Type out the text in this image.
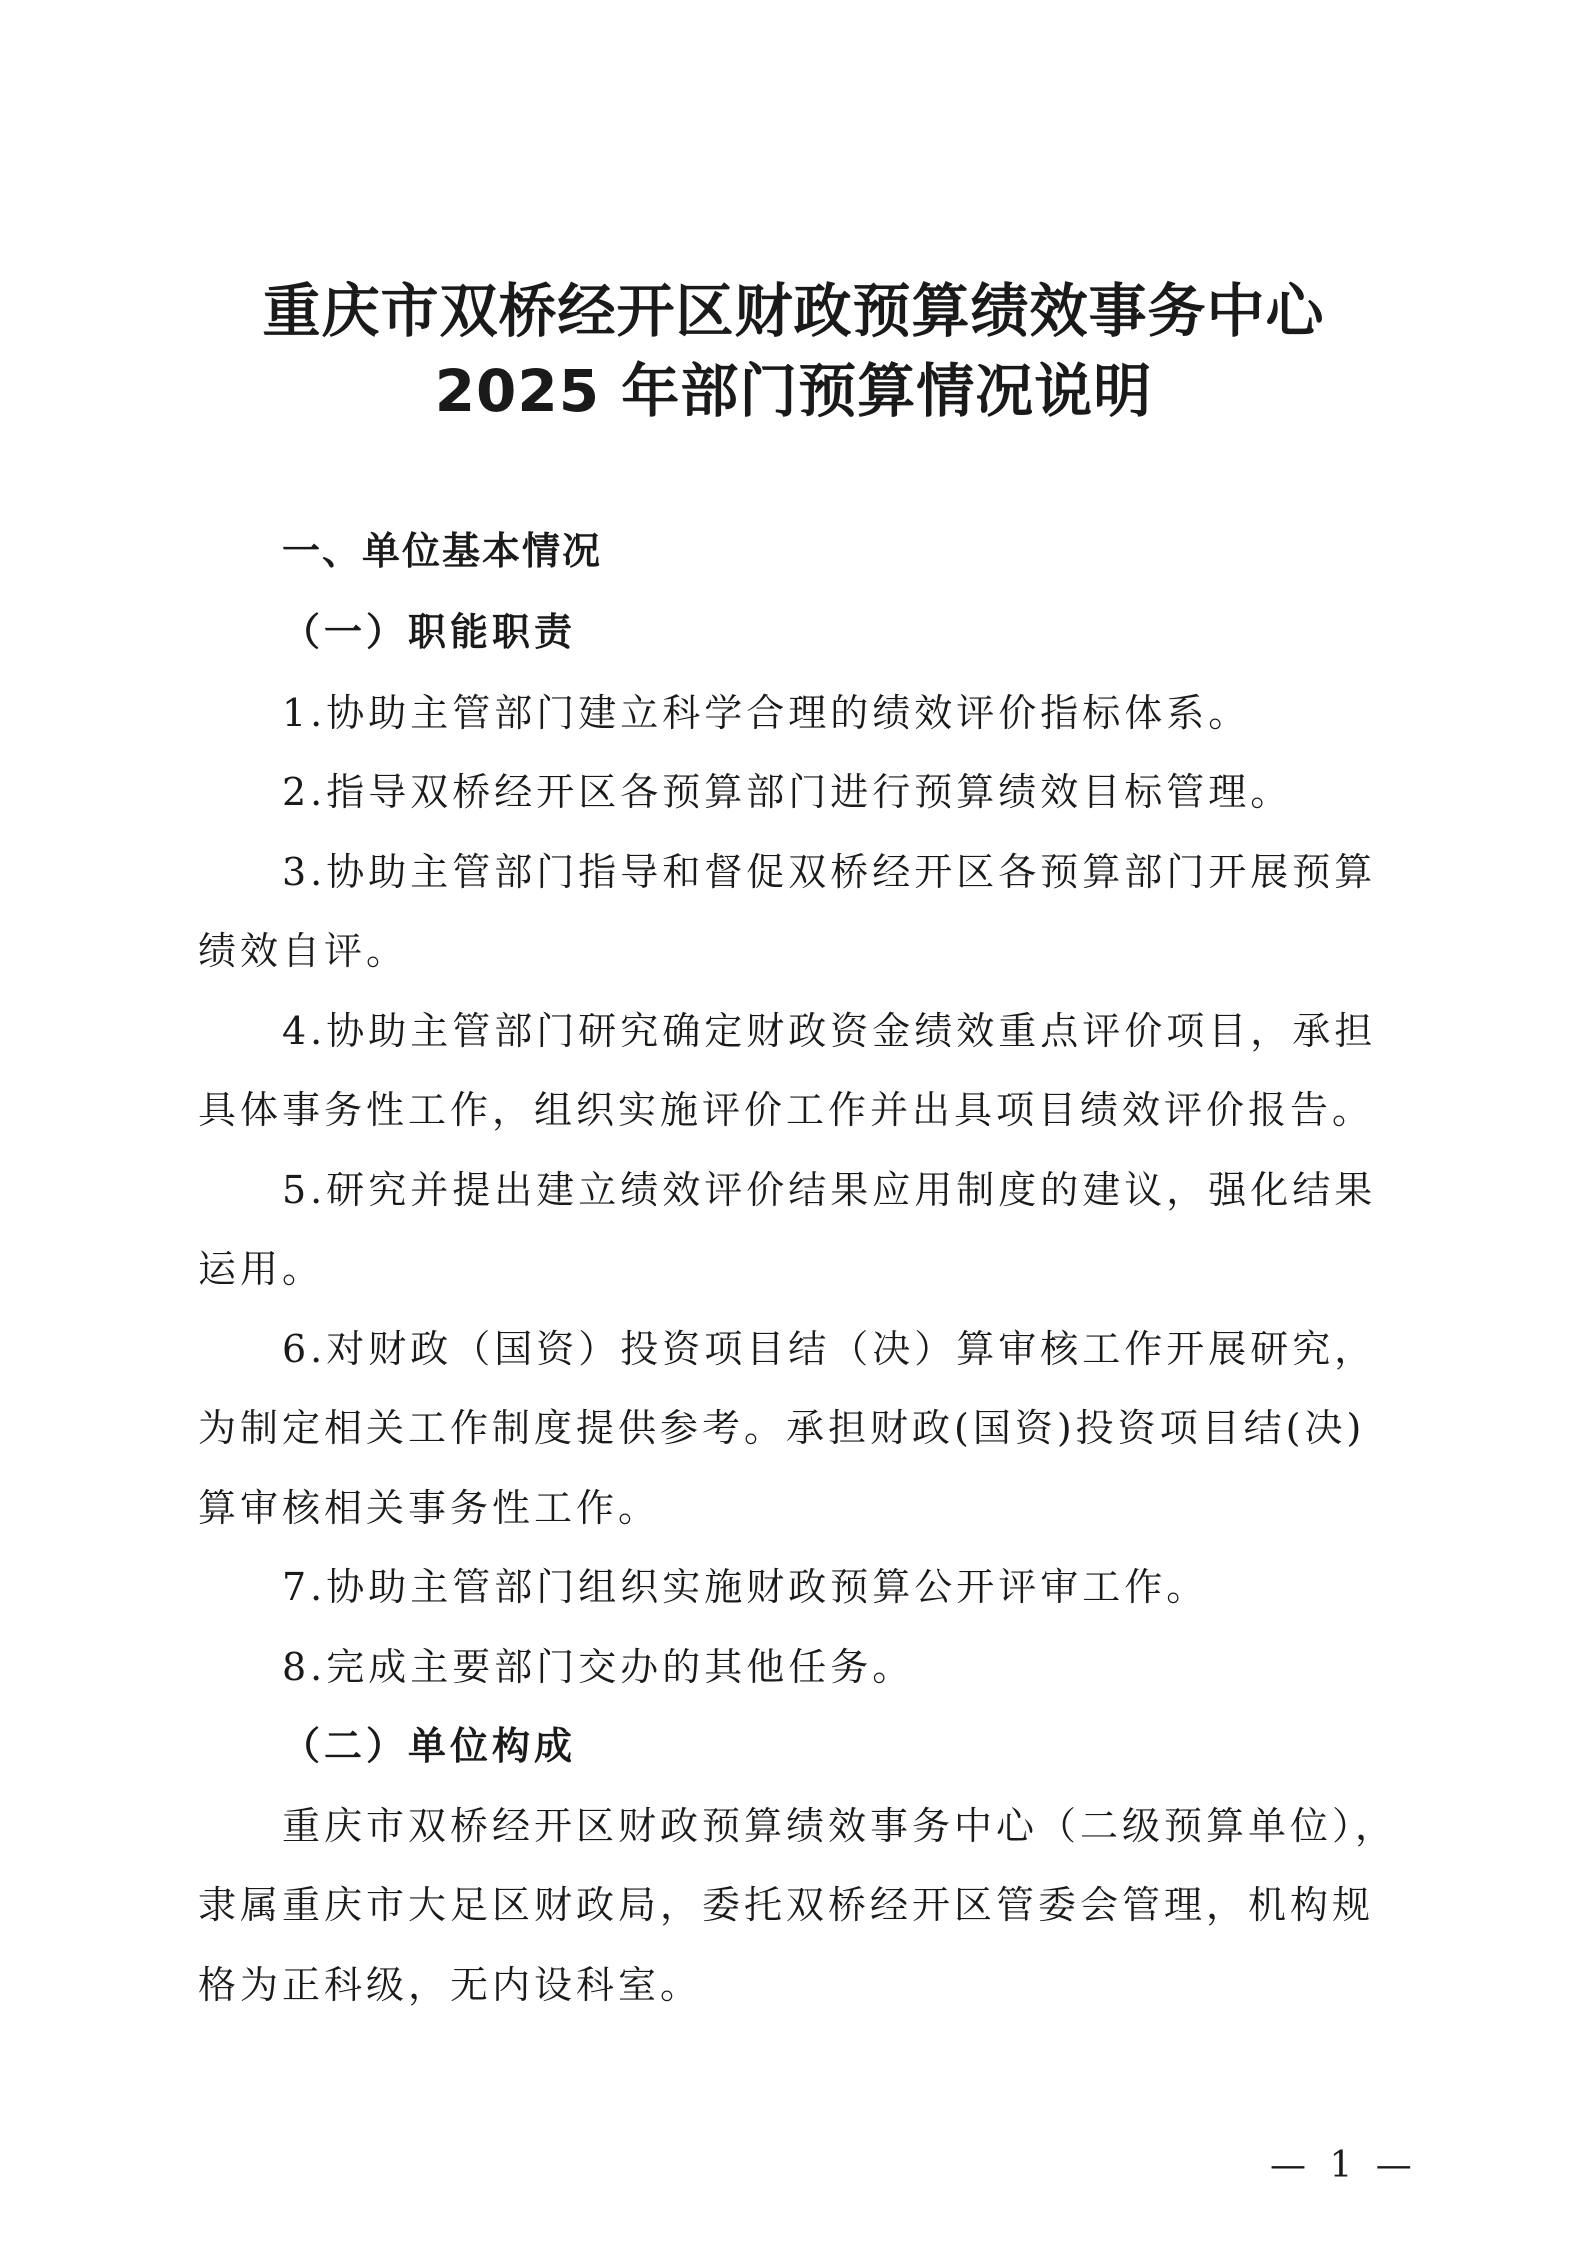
重庆市双桥经开区财政预算绩效事务中心
2025 年部门预算情况说明
一、单位基本情况
（一）职能职责
1.协助主管部门建立科学合理的绩效评价指标体系。
2.指导双桥经开区各预算部门进行预算绩效目标管理。
3.协助主管部门指导和督促双桥经开区各预算部门开展预算
绩效自评。
4.协助主管部门研究确定财政资金绩效重点评价项目，承担
具体事务性工作，组织实施评价工作并出具项目绩效评价报告。
5.研究并提出建立绩效评价结果应用制度的建议，强化结果
运用。
6.对财政（国资）投资项目结（决）算审核工作开展研究，
为制定相关工作制度提供参考。承担财政(国资)投资项目结(决)
算审核相关事务性工作。
7.协助主管部门组织实施财政预算公开评审工作。
8.完成主要部门交办的其他任务。
（二）单位构成
重庆市双桥经开区财政预算绩效事务中心（二级预算单位），
隶属重庆市大足区财政局，委托双桥经开区管委会管理，机构规
格为正科级，无内设科室。
— 1 —
